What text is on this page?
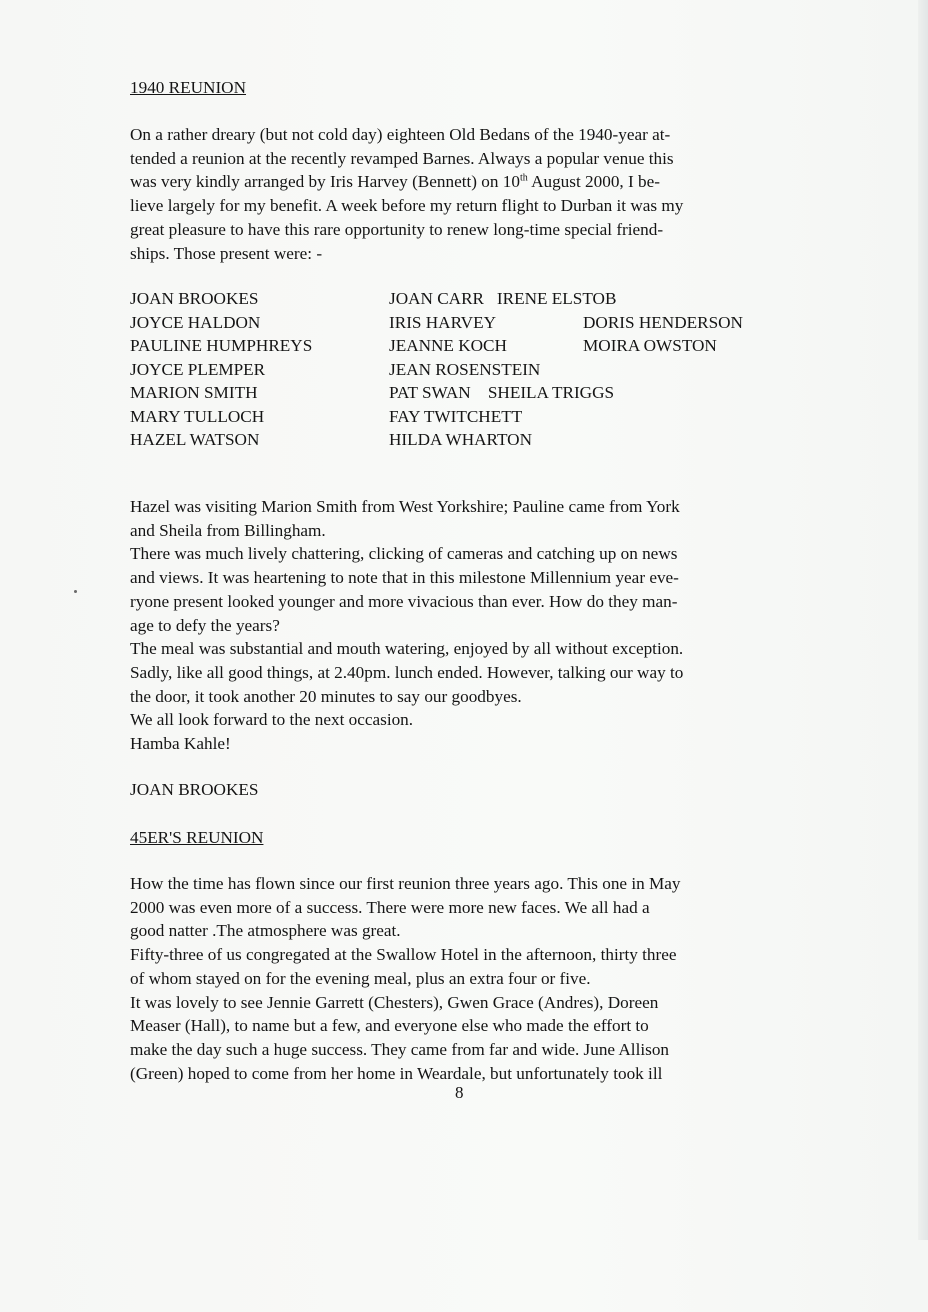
1940 REUNION
On a rather dreary (but not cold day) eighteen Old Bedans of the 1940-year at-
tended a reunion at the recently revamped Barnes. Always a popular venue this
was very kindly arranged by Iris Harvey (Bennett) on 10th August 2000, I be-
lieve largely for my benefit. A week before my return flight to Durban it was my
great pleasure to have this rare opportunity to renew long-time special friend-
ships. Those present were: -
JOAN BROOKES	JOAN CARR   IRENE ELSTOB
JOYCE HALDON	IRIS HARVEY	DORIS HENDERSON
PAULINE HUMPHREYS	JEANNE KOCH	MOIRA OWSTON
JOYCE PLEMPER	JEAN ROSENSTEIN
MARION SMITH	PAT SWAN    SHEILA TRIGGS
MARY TULLOCH	FAY TWITCHETT
HAZEL WATSON	HILDA WHARTON
Hazel was visiting Marion Smith from West Yorkshire; Pauline came from York
and Sheila from Billingham.
There was much lively chattering, clicking of cameras and catching up on news
and views. It was heartening to note that in this milestone Millennium year eve-
ryone present looked younger and more vivacious than ever. How do they man-
age to defy the years?
The meal was substantial and mouth watering, enjoyed by all without exception.
Sadly, like all good things, at 2.40pm. lunch ended. However, talking our way to
the door, it took another 20 minutes to say our goodbyes.
We all look forward to the next occasion.
Hamba Kahle!
JOAN BROOKES
45ER'S REUNION
How the time has flown since our first reunion three years ago. This one in May
2000 was even more of a success. There were more new faces. We all had a
good natter .The atmosphere was great.
Fifty-three of us congregated at the Swallow Hotel in the afternoon, thirty three
of whom stayed on for the evening meal, plus an extra four or five.
It was lovely to see Jennie Garrett (Chesters), Gwen Grace (Andres), Doreen
Measer (Hall), to name but a few, and everyone else who made the effort to
make the day such a huge success. They came from far and wide. June Allison
(Green) hoped to come from her home in Weardale, but unfortunately took ill
8
